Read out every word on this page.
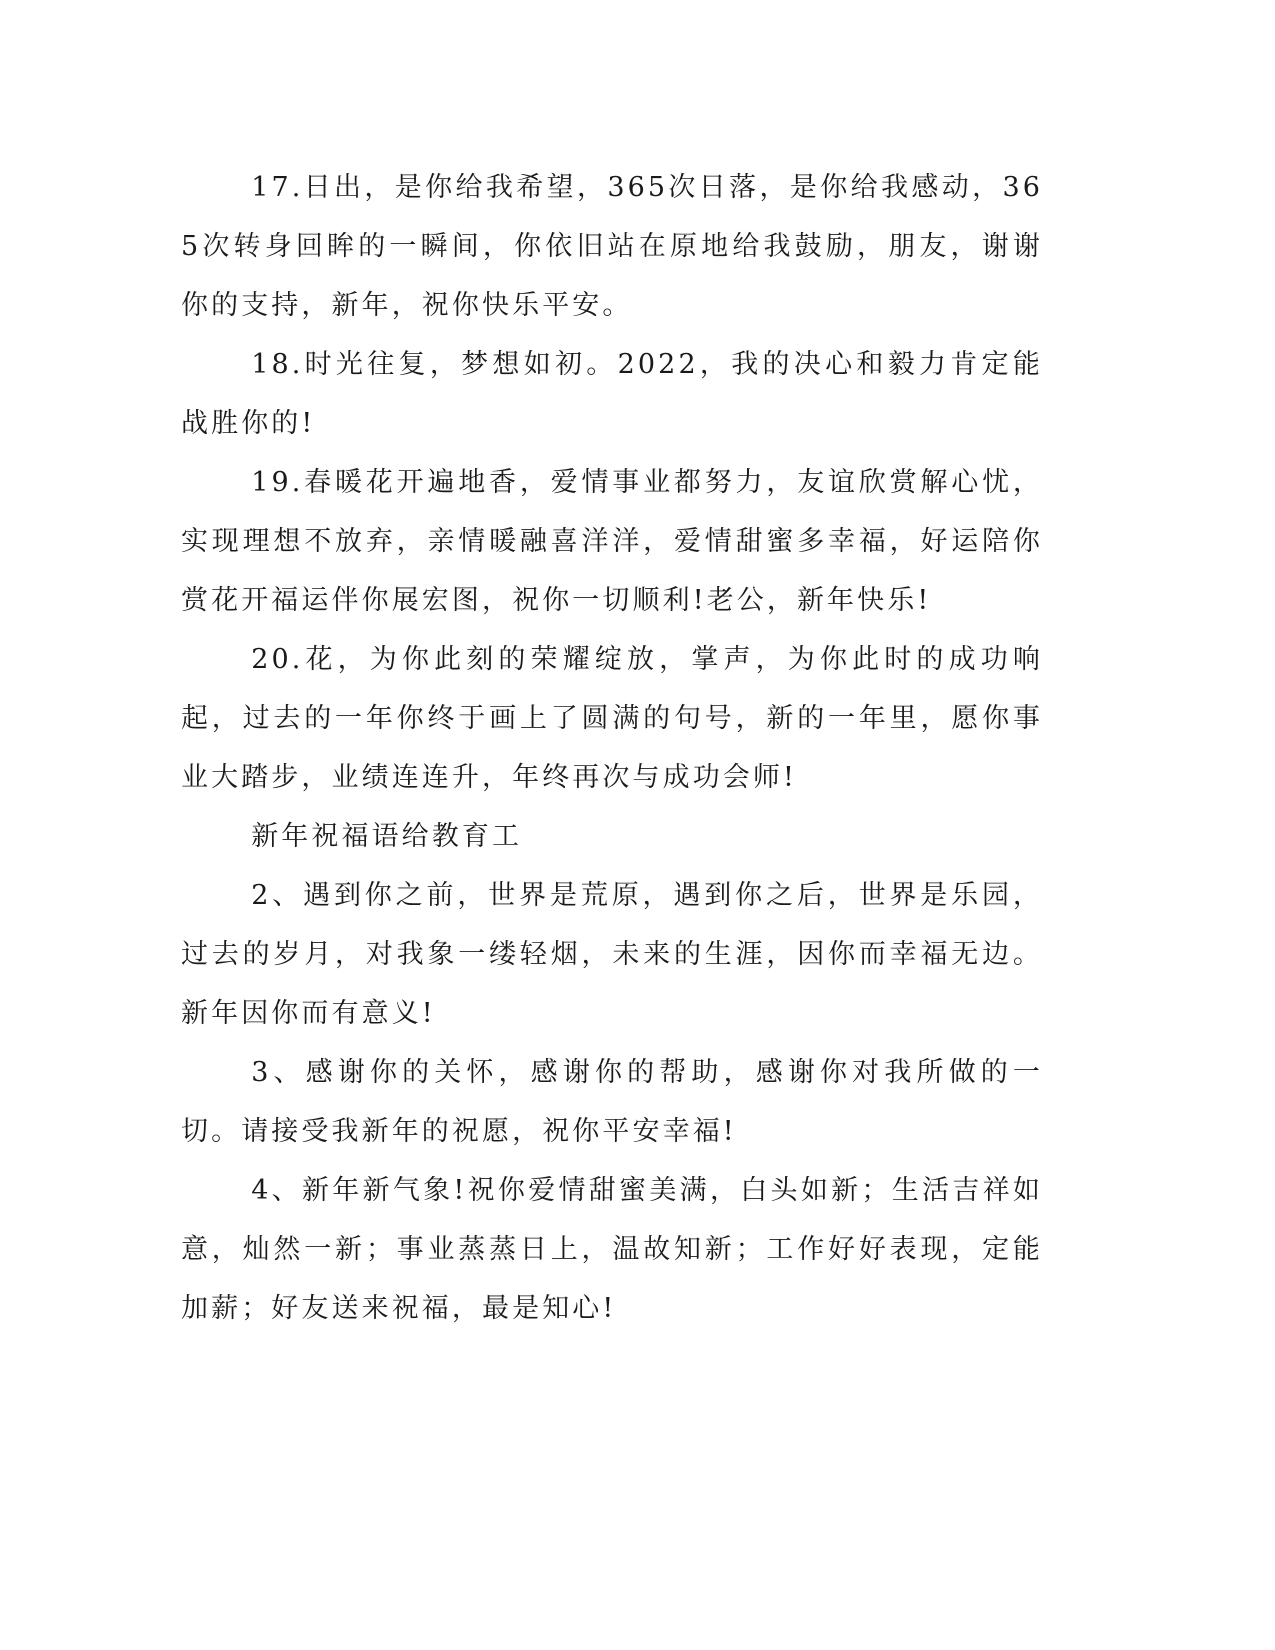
17.日出，是你给我希望，365次日落，是你给我感动，365次转身回眸的一瞬间，你依旧站在原地给我鼓励，朋友，谢谢你的支持，新年，祝你快乐平安。

18.时光往复，梦想如初。2022，我的决心和毅力肯定能战胜你的!

19.春暖花开遍地香，爱情事业都努力，友谊欣赏解心忧，实现理想不放弃，亲情暖融喜洋洋，爱情甜蜜多幸福，好运陪你赏花开福运伴你展宏图，祝你一切顺利!老公，新年快乐!

20.花，为你此刻的荣耀绽放，掌声，为你此时的成功响起，过去的一年你终于画上了圆满的句号，新的一年里，愿你事业大踏步，业绩连连升，年终再次与成功会师!

新年祝福语给教育工

2、遇到你之前，世界是荒原，遇到你之后，世界是乐园，过去的岁月，对我象一缕轻烟，未来的生涯，因你而幸福无边。新年因你而有意义!

3、感谢你的关怀，感谢你的帮助，感谢你对我所做的一切。请接受我新年的祝愿，祝你平安幸福!

4、新年新气象!祝你爱情甜蜜美满，白头如新；生活吉祥如意，灿然一新；事业蒸蒸日上，温故知新；工作好好表现，定能加薪；好友送来祝福，最是知心!
